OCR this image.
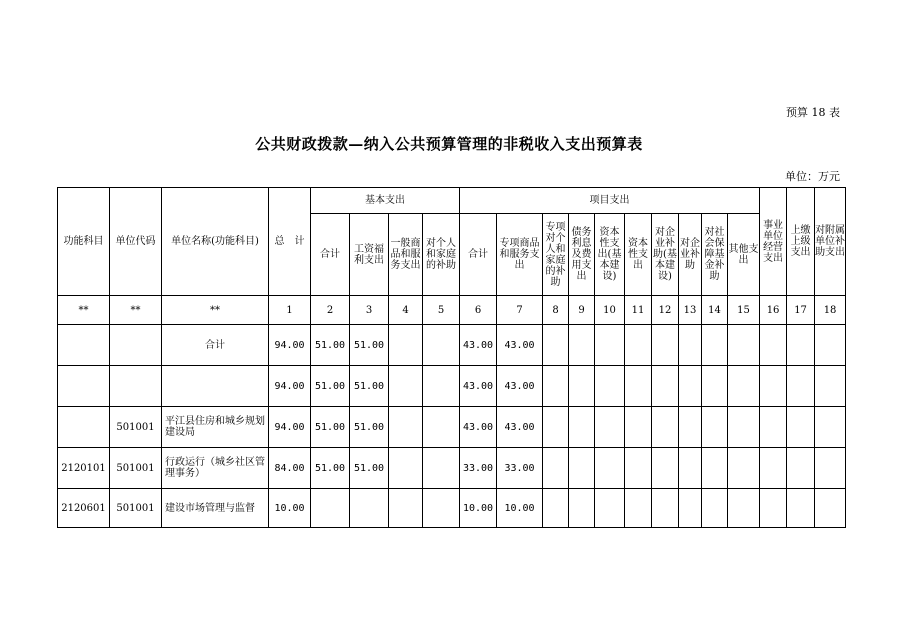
预算 18 表
公共财政拨款—纳入公共预算管理的非税收入支出预算表
单位：万元
功能科目	单位代码	单位名称(功能科目)	总　计	基本支出				项目支出										事业单位经营支出	上缴上级支出	对附属单位补助支出
				合计	工资福利支出	一般商品和服务支出	对个人和家庭的补助	合计	专项商品和服务支出	专项对个人和家庭的补助	债务利息及费用支出	资本性支出(基本建设)	资本性支出	对企业补助(基本建设)	对企业补助	对社会保障基金补助	其他支出			
**	**	**	1	2	3	4	5	6	7	8	9	10	11	12	13	14	15	16	17	18
		合计	94.00	51.00	51.00			43.00	43.00											
			94.00	51.00	51.00			43.00	43.00											
	501001	平江县住房和城乡规划建设局	94.00	51.00	51.00			43.00	43.00											
2120101	501001	行政运行（城乡社区管理事务）	84.00	51.00	51.00			33.00	33.00											
2120601	501001	建设市场管理与监督	10.00					10.00	10.00											
